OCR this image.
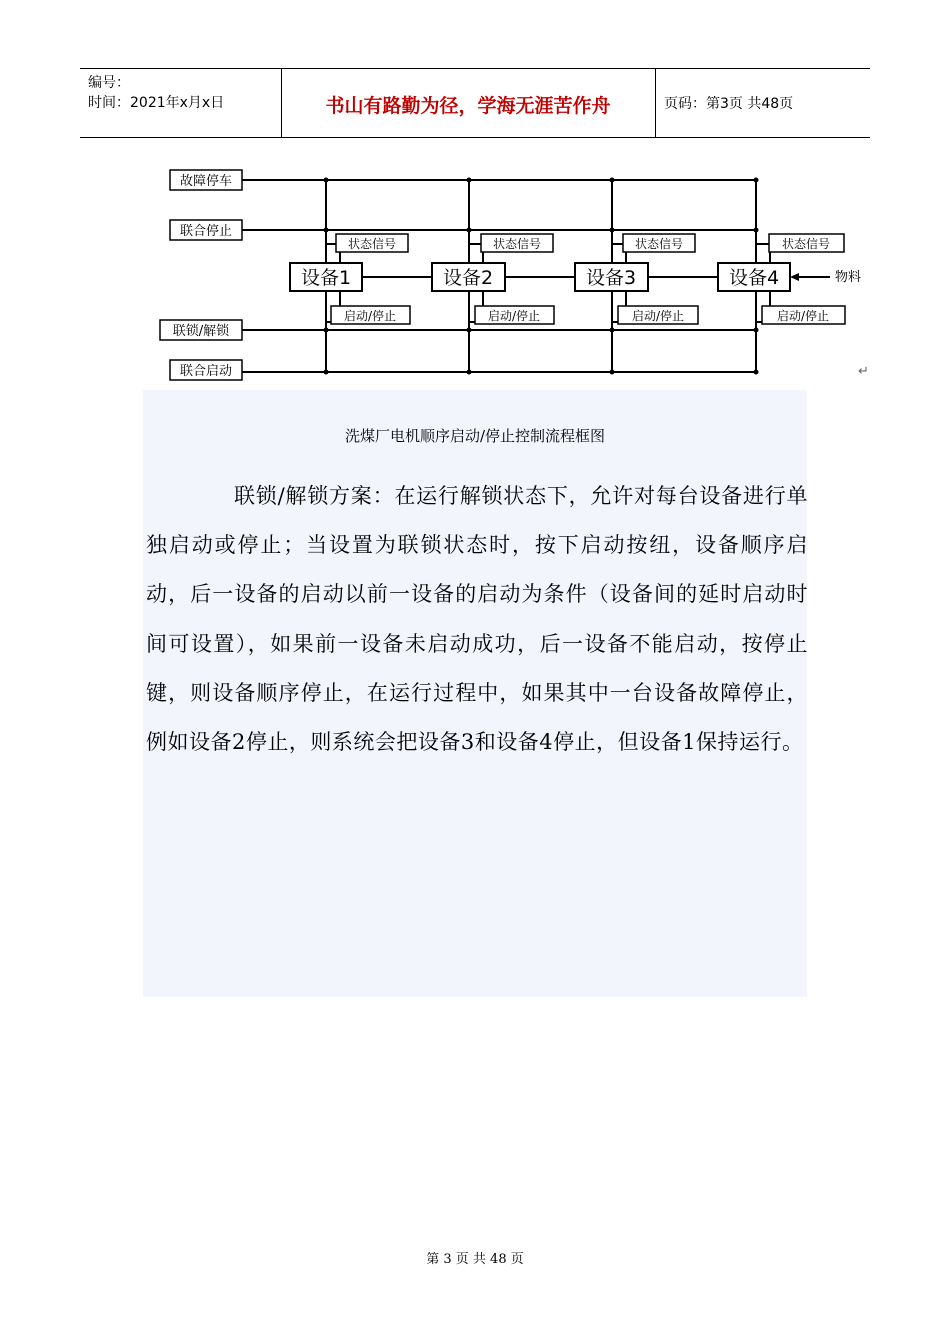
编号：
时间：2021年x月x日	书山有路勤为径，学海无涯苦作舟	页码：第3页 共48页
故障停车
联合停止
联锁/解锁
联合启动
状态信号	状态信号	状态信号	状态信号
设备1	设备2	设备3	设备4
启动/停止	启动/停止	启动/停止	启动/停止
物料
↵
洗煤厂电机顺序启动/停止控制流程框图

联锁/解锁方案：在运行解锁状态下，允许对每台设备进行单独启动或停止；当设置为联锁状态时，按下启动按纽，设备顺序启动，后一设备的启动以前一设备的启动为条件（设备间的延时启动时间可设置），如果前一设备未启动成功，后一设备不能启动，按停止键，则设备顺序停止，在运行过程中，如果其中一台设备故障停止，例如设备2停止，则系统会把设备3和设备4停止，但设备1保持运行。

第 3 页 共 48 页
